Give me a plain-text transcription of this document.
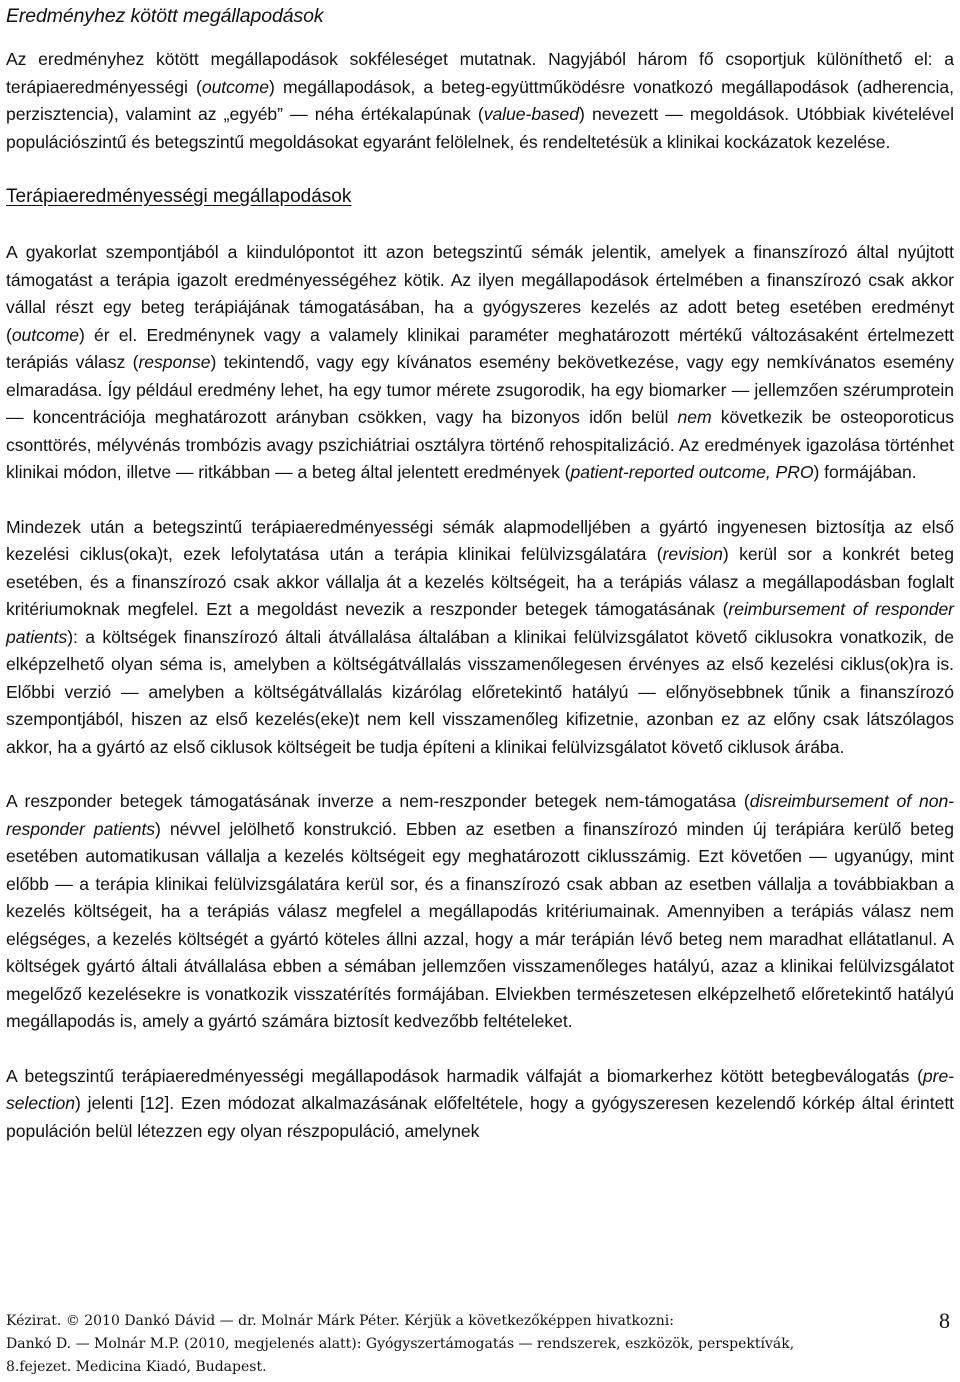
Eredményhez kötött megállapodások

Az eredményhez kötött megállapodások sokféleséget mutatnak. Nagyjából három fő csoportjuk különíthető el: a terápiaeredményességi (outcome) megállapodások, a beteg-együttműködésre vonatkozó megállapodások (adherencia, perzisztencia), valamint az „egyéb” — néha értékalapúnak (value-based) nevezett — megoldások. Utóbbiak kivételével populációszintű és betegszintű megoldásokat egyaránt felölelnek, és rendeltetésük a klinikai kockázatok kezelése.

Terápiaeredményességi megállapodások

A gyakorlat szempontjából a kiindulópontot itt azon betegszintű sémák jelentik, amelyek a finanszírozó által nyújtott támogatást a terápia igazolt eredményességéhez kötik. Az ilyen megállapodások értelmében a finanszírozó csak akkor vállal részt egy beteg terápiájának támogatásában, ha a gyógyszeres kezelés az adott beteg esetében eredményt (outcome) ér el. Eredménynek vagy a valamely klinikai paraméter meghatározott mértékű változásaként értelmezett terápiás válasz (response) tekintendő, vagy egy kívánatos esemény bekövetkezése, vagy egy nemkívánatos esemény elmaradása. Így például eredmény lehet, ha egy tumor mérete zsugorodik, ha egy biomarker — jellemzően szérumprotein — koncentrációja meghatározott arányban csökken, vagy ha bizonyos időn belül nem következik be osteoporoticus csonttörés, mélyvénás trombózis avagy pszichiátriai osztályra történő rehospitalizáció. Az eredmények igazolása történhet klinikai módon, illetve — ritkábban — a beteg által jelentett eredmények (patient-reported outcome, PRO) formájában.

Mindezek után a betegszintű terápiaeredményességi sémák alapmodelljében a gyártó ingyenesen biztosítja az első kezelési ciklus(oka)t, ezek lefolytatása után a terápia klinikai felülvizsgálatára (revision) kerül sor a konkrét beteg esetében, és a finanszírozó csak akkor vállalja át a kezelés költségeit, ha a terápiás válasz a megállapodásban foglalt kritériumoknak megfelel. Ezt a megoldást nevezik a reszponder betegek támogatásának (reimbursement of responder patients): a költségek finanszírozó általi átvállalása általában a klinikai felülvizsgálatot követő ciklusokra vonatkozik, de elképzelhető olyan séma is, amelyben a költségátvállalás visszamenőlegesen érvényes az első kezelési ciklus(ok)ra is. Előbbi verzió — amelyben a költségátvállalás kizárólag előretekintő hatályú — előnyösebbnek tűnik a finanszírozó szempontjából, hiszen az első kezelés(eke)t nem kell visszamenőleg kifizetnie, azonban ez az előny csak látszólagos akkor, ha a gyártó az első ciklusok költségeit be tudja építeni a klinikai felülvizsgálatot követő ciklusok árába.

A reszponder betegek támogatásának inverze a nem-reszponder betegek nem-támogatása (disreimbursement of non-responder patients) névvel jelölhető konstrukció. Ebben az esetben a finanszírozó minden új terápiára kerülő beteg esetében automatikusan vállalja a kezelés költségeit egy meghatározott ciklusszámig. Ezt követően — ugyanúgy, mint előbb — a terápia klinikai felülvizsgálatára kerül sor, és a finanszírozó csak abban az esetben vállalja a továbbiakban a kezelés költségeit, ha a terápiás válasz megfelel a megállapodás kritériumainak. Amennyiben a terápiás válasz nem elégséges, a kezelés költségét a gyártó köteles állni azzal, hogy a már terápián lévő beteg nem maradhat ellátatlanul. A költségek gyártó általi átvállalása ebben a sémában jellemzően visszamenőleges hatályú, azaz a klinikai felülvizsgálatot megelőző kezelésekre is vonatkozik visszatérítés formájában. Elviekben természetesen elképzelhető előretekintő hatályú megállapodás is, amely a gyártó számára biztosít kedvezőbb feltételeket.

A betegszintű terápiaeredményességi megállapodások harmadik válfaját a biomarkerhez kötött betegbeválogatás (pre-selection) jelenti [12]. Ezen módozat alkalmazásának előfeltétele, hogy a gyógyszeresen kezelendő kórkép által érintett populáción belül létezzen egy olyan részpopuláció, amelynek

Kézirat. © 2010 Dankó Dávid — dr. Molnár Márk Péter. Kérjük a következőképpen hivatkozni:
Dankó D. — Molnár M.P. (2010, megjelenés alatt): Gyógyszertámogatás — rendszerek, eszközök, perspektívák,
8.fejezet. Medicina Kiadó, Budapest.
8
